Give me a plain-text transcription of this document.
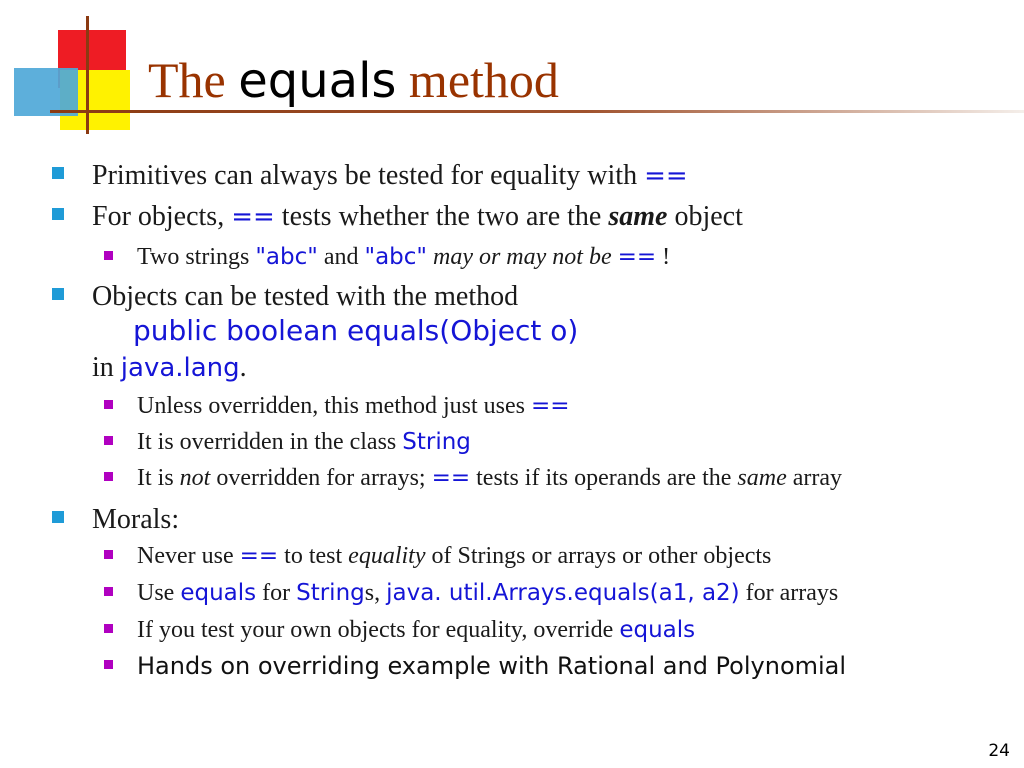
The equals method
Primitives can always be tested for equality with ==
For objects, == tests whether the two are the same object
Two strings "abc" and "abc" may or may not be == !
Objects can be tested with the method
public boolean equals(Object o)
in java.lang.
Unless overridden, this method just uses ==
It is overridden in the class String
It is not overridden for arrays; == tests if its operands are the same array
Morals:
Never use == to test equality of Strings or arrays or other objects
Use equals for Strings, java. util.Arrays.equals(a1, a2) for arrays
If you test your own objects for equality, override equals
Hands on overriding example with Rational and Polynomial
24
